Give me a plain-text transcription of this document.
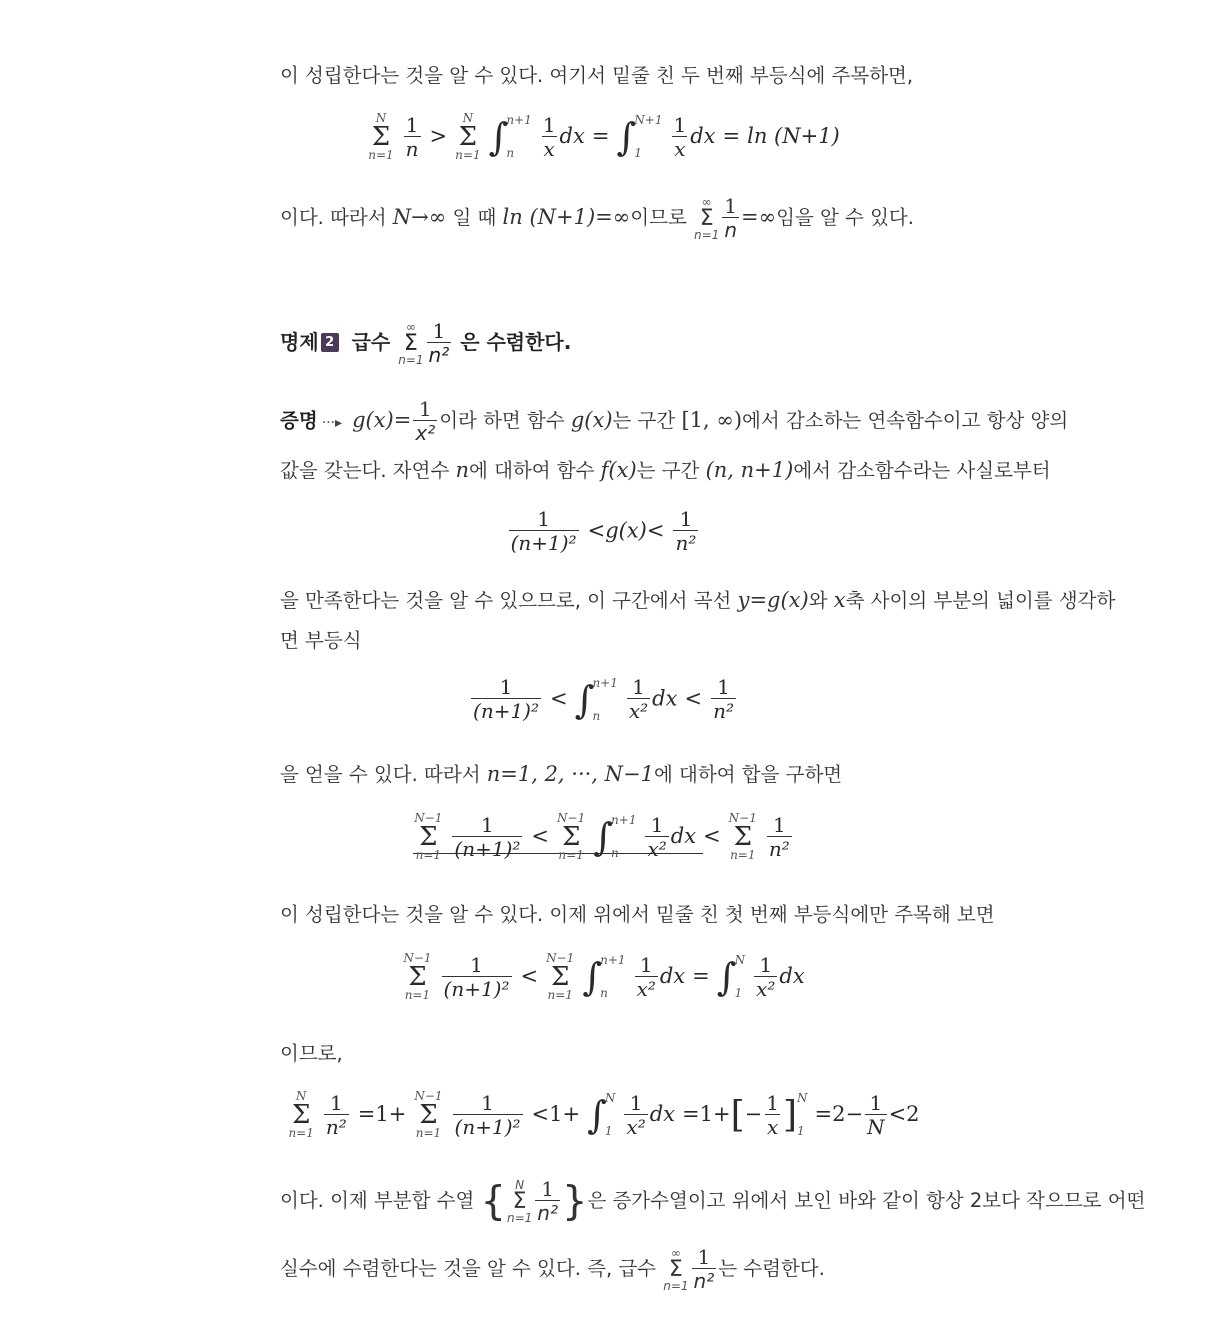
이 성립한다는 것을 알 수 있다. 여기서 밑줄 친 두 번째 부등식에 주목하면,
N
Σ
n=1
$\frac{1}{n}$ >
N
Σ
n=1
∫
n+1
n
	$\frac{1}{x}$ dx = ∫
N+1
1
	$\frac{1}{x}$ dx = ln (N+1)
이다. 따라서 N→∞ 일 때 ln (N+1)=∞이므로
∞
Σ
$n=1 \frac{1}{n}$ =∞임을 알 수 있다.
명제 2 급수
∞
Σ
$n=1 \frac{1}{\text{n²}}$ 은 수렴한다.
증명 ···▸ $g(x)= \frac{1}{\text{x²}}$ 이라 하면 함수 g(x)는 구간 [1, ∞)에서 감소하는 연속함수이고 항상 양의
값을 갖는다. 자연수 n에 대하여 함수 f(x)는 구간 (n, n+1)에서 감소함수라는 사실로부터
$\frac{1}{\text{(n+1)²}} <g(x)< \frac{1}{\text{n²}}$
을 만족한다는 것을 알 수 있으므로, 이 구간에서 곡선 y=g(x)와 x축 사이의 부분의 넓이를 생각하
면 부등식
$\frac{1}{\text{(n+1)²}}$ < ∫
n+1
n
	$\frac{1}{\text{x²}}$ dx < $\frac{1}{\text{n²}}$
을 얻을 수 있다. 따라서 n=1, 2, ···, N−1에 대하여 합을 구하면
N−1
Σ
n=1
$\frac{1}{\text{(n+1)²}}$ <
N−1
Σ
n=1
∫
n+1
n
	$\frac{1}{\text{x²}}$ dx <
N−1
Σ
n=1
$\frac{1}{\text{n²}}$
이 성립한다는 것을 알 수 있다. 이제 위에서 밑줄 친 첫 번째 부등식에만 주목해 보면
N−1
Σ
n=1
$\frac{1}{\text{(n+1)²}}$ <
N−1
Σ
n=1
∫
n+1
n
	$\frac{1}{\text{x²}}$ dx = ∫
N
1
$\frac{1}{\text{x²}}$ dx
이므로,
N
Σ
n=1
$\frac{1}{\text{n²}} =1+$
N−1
Σ
n=1
$\frac{1}{\text{(n+1)²}} <1+$ ∫
N
1
$\frac{1}{\text{x²}}$ dx $=1+[- \frac{1}{x}$ ] N
1
$=2- \frac{1}{N} <2$
이다. 이제 부분합 수열 { N
Σ
$n=1 \frac{1}{\text{n²}}$ }은 증가수열이고 위에서 보인 바와 같이 항상 2보다 작으므로 어떤
실수에 수렴한다는 것을 알 수 있다. 즉, 급수
∞
Σ
$n=1 \frac{1}{\text{n²}}$ 는 수렴한다.
